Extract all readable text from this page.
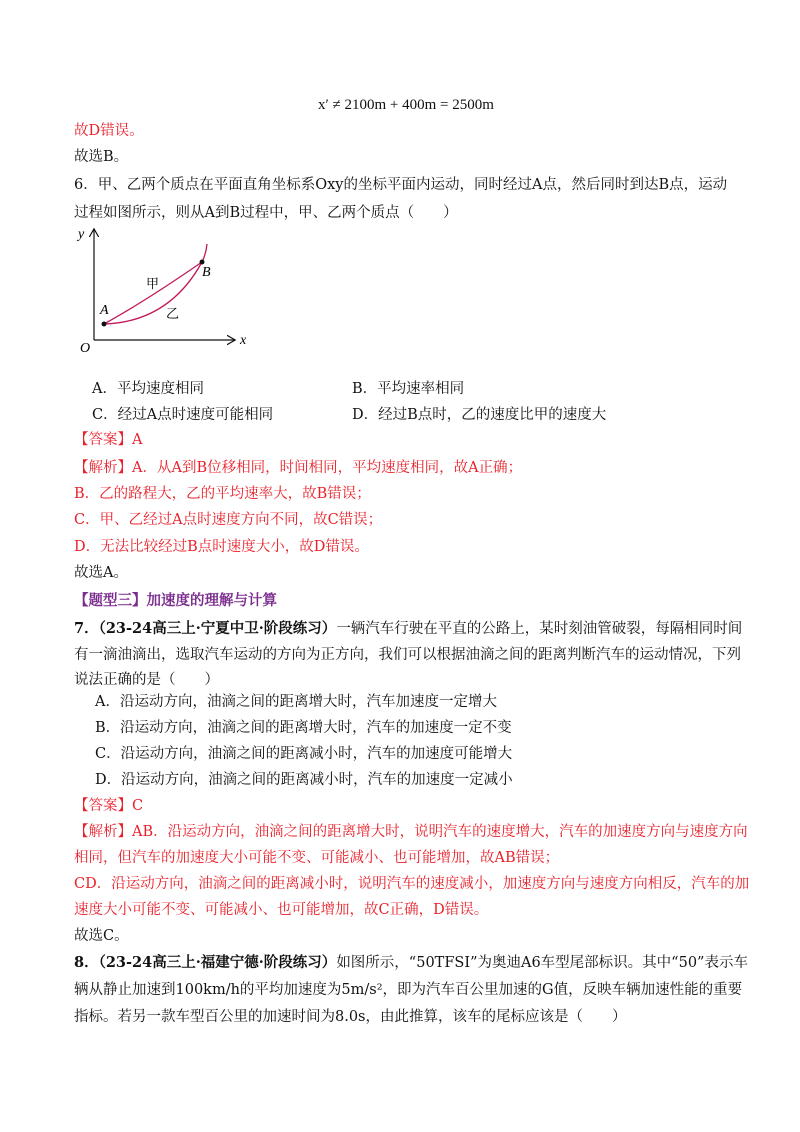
x′ ≠ 2100m + 400m = 2500m
故D错误。
故选B。
6．甲、乙两个质点在平面直角坐标系Oxy的坐标平面内运动，同时经过A点，然后同时到达B点，运动
过程如图所示，则从A到B过程中，甲、乙两个质点（　　）
y
x
O
A
B
甲
乙
A．平均速度相同	B．平均速率相同
C．经过A点时速度可能相同	D．经过B点时，乙的速度比甲的速度大
【答案】A
【解析】A．从A到B位移相同，时间相同，平均速度相同，故A正确；
B．乙的路程大，乙的平均速率大，故B错误；
C．甲、乙经过A点时速度方向不同，故C错误；
D．无法比较经过B点时速度大小，故D错误。
故选A。
【题型三】加速度的理解与计算
7．（23-24高三上·宁夏中卫·阶段练习）一辆汽车行驶在平直的公路上，某时刻油管破裂，每隔相同时间
有一滴油滴出，选取汽车运动的方向为正方向，我们可以根据油滴之间的距离判断汽车的运动情况，下列
说法正确的是（　　）
A．沿运动方向，油滴之间的距离增大时，汽车加速度一定增大
B．沿运动方向，油滴之间的距离增大时，汽车的加速度一定不变
C．沿运动方向，油滴之间的距离减小时，汽车的加速度可能增大
D．沿运动方向，油滴之间的距离减小时，汽车的加速度一定减小
【答案】C
【解析】AB．沿运动方向，油滴之间的距离增大时，说明汽车的速度增大，汽车的加速度方向与速度方向
相同，但汽车的加速度大小可能不变、可能减小、也可能增加，故AB错误；
CD．沿运动方向，油滴之间的距离减小时，说明汽车的速度减小，加速度方向与速度方向相反，汽车的加
速度大小可能不变、可能减小、也可能增加，故C正确，D错误。
故选C。
8．（23-24高三上·福建宁德·阶段练习）如图所示，“50TFSI”为奥迪A6车型尾部标识。其中“50”表示车
辆从静止加速到100km/h的平均加速度为5m/s²，即为汽车百公里加速的G值，反映车辆加速性能的重要
指标。若另一款车型百公里的加速时间为8.0s，由此推算，该车的尾标应该是（　　）
